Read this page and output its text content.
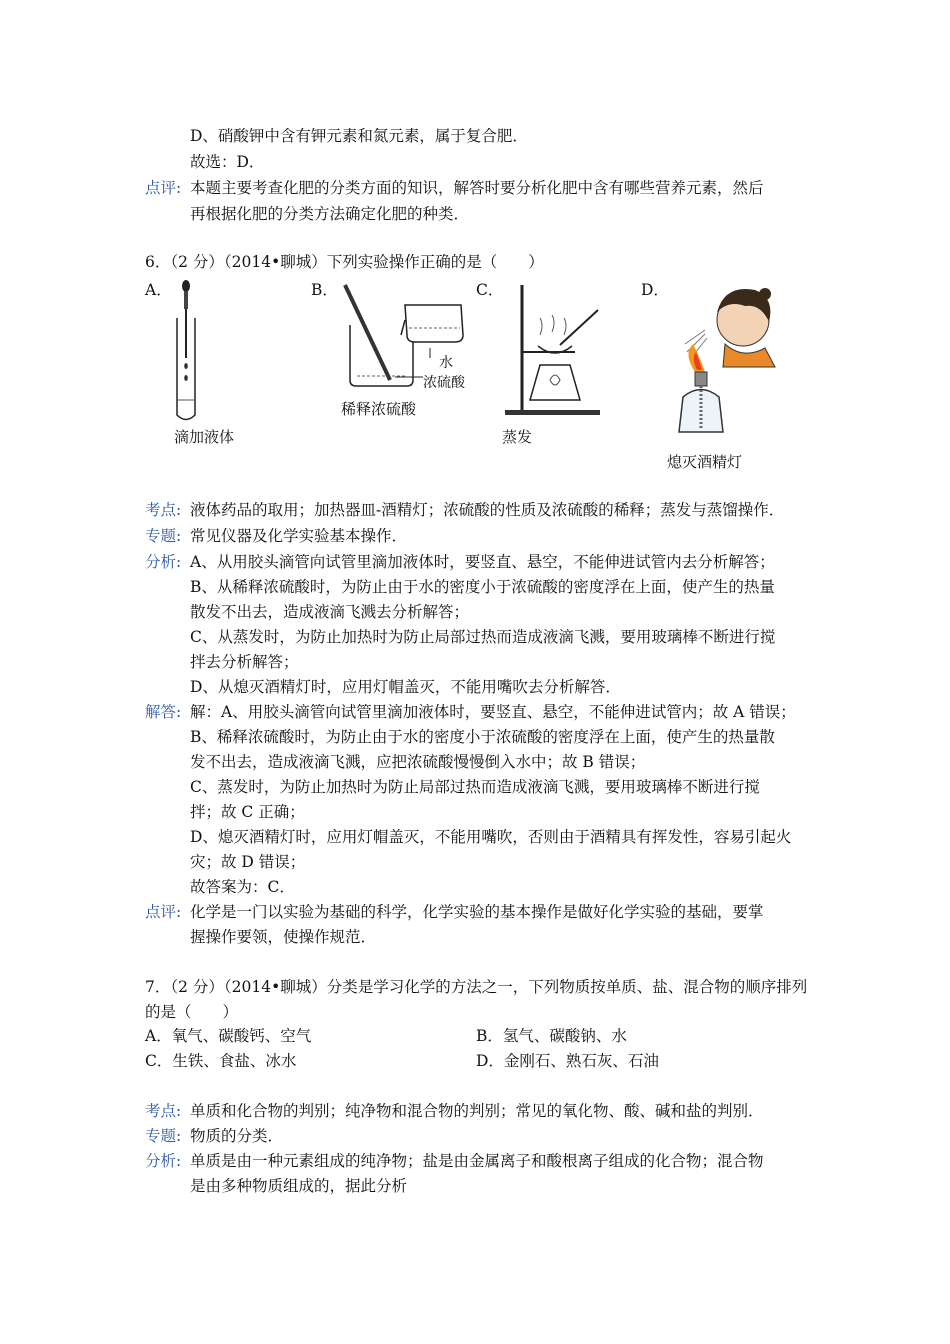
D、硝酸钾中含有钾元素和氮元素，属于复合肥．
故选：D．
点评: 本题主要考查化肥的分类方面的知识，解答时要分析化肥中含有哪些营养元素，然后
再根据化肥的分类方法确定化肥的种类．
6．（2 分）（2014•聊城）下列实验操作正确的是（　　）
A．	B．	C．	D．
滴加液体
水
浓硫酸
稀释浓硫酸
蒸发
熄灭酒精灯
考点: 液体药品的取用；加热器皿-酒精灯；浓硫酸的性质及浓硫酸的稀释；蒸发与蒸馏操作．
专题: 常见仪器及化学实验基本操作．
分析: A、从用胶头滴管向试管里滴加液体时，要竖直、悬空，不能伸进试管内去分析解答；
B、从稀释浓硫酸时，为防止由于水的密度小于浓硫酸的密度浮在上面，使产生的热量
散发不出去，造成液滴飞溅去分析解答；
C、从蒸发时，为防止加热时为防止局部过热而造成液滴飞溅，要用玻璃棒不断进行搅
拌去分析解答；
D、从熄灭酒精灯时，应用灯帽盖灭，不能用嘴吹去分析解答．
解答: 解：A、用胶头滴管向试管里滴加液体时，要竖直、悬空，不能伸进试管内；故 A 错误；
B、稀释浓硫酸时，为防止由于水的密度小于浓硫酸的密度浮在上面，使产生的热量散
发不出去，造成液滴飞溅，应把浓硫酸慢慢倒入水中；故 B 错误；
C、蒸发时，为防止加热时为防止局部过热而造成液滴飞溅，要用玻璃棒不断进行搅
拌；故 C 正确；
D、熄灭酒精灯时，应用灯帽盖灭，不能用嘴吹，否则由于酒精具有挥发性，容易引起火
灾；故 D 错误；
故答案为：C．
点评: 化学是一门以实验为基础的科学，化学实验的基本操作是做好化学实验的基础，要掌
握操作要领，使操作规范．
7．（2 分）（2014•聊城）分类是学习化学的方法之一，下列物质按单质、盐、混合物的顺序排列
的是（　　）
A．氧气、碳酸钙、空气	B．氢气、碳酸钠、水
C．生铁、食盐、冰水	D．金刚石、熟石灰、石油
考点: 单质和化合物的判别；纯净物和混合物的判别；常见的氧化物、酸、碱和盐的判别．
专题: 物质的分类．
分析: 单质是由一种元素组成的纯净物；盐是由金属离子和酸根离子组成的化合物；混合物
是由多种物质组成的，据此分析
